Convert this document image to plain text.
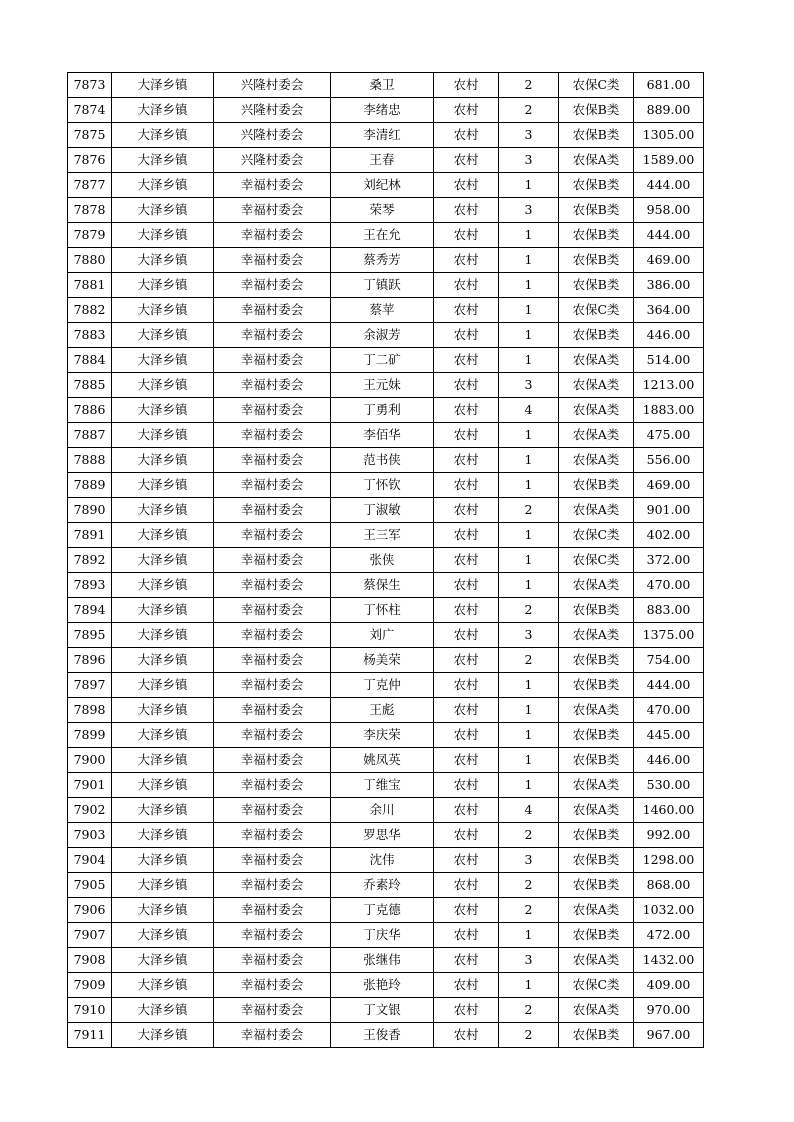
7873	大泽乡镇	兴隆村委会	桑卫	农村	2	农保C类	681.00
7874	大泽乡镇	兴隆村委会	李绪忠	农村	2	农保B类	889.00
7875	大泽乡镇	兴隆村委会	李清红	农村	3	农保B类	1305.00
7876	大泽乡镇	兴隆村委会	王春	农村	3	农保A类	1589.00
7877	大泽乡镇	幸福村委会	刘纪林	农村	1	农保B类	444.00
7878	大泽乡镇	幸福村委会	荣琴	农村	3	农保B类	958.00
7879	大泽乡镇	幸福村委会	王在允	农村	1	农保B类	444.00
7880	大泽乡镇	幸福村委会	蔡秀芳	农村	1	农保B类	469.00
7881	大泽乡镇	幸福村委会	丁镇跃	农村	1	农保B类	386.00
7882	大泽乡镇	幸福村委会	蔡苹	农村	1	农保C类	364.00
7883	大泽乡镇	幸福村委会	余淑芳	农村	1	农保B类	446.00
7884	大泽乡镇	幸福村委会	丁二矿	农村	1	农保A类	514.00
7885	大泽乡镇	幸福村委会	王元妹	农村	3	农保A类	1213.00
7886	大泽乡镇	幸福村委会	丁勇利	农村	4	农保A类	1883.00
7887	大泽乡镇	幸福村委会	李佰华	农村	1	农保A类	475.00
7888	大泽乡镇	幸福村委会	范书侠	农村	1	农保A类	556.00
7889	大泽乡镇	幸福村委会	丁怀钦	农村	1	农保B类	469.00
7890	大泽乡镇	幸福村委会	丁淑敏	农村	2	农保A类	901.00
7891	大泽乡镇	幸福村委会	王三军	农村	1	农保C类	402.00
7892	大泽乡镇	幸福村委会	张侠	农村	1	农保C类	372.00
7893	大泽乡镇	幸福村委会	蔡保生	农村	1	农保A类	470.00
7894	大泽乡镇	幸福村委会	丁怀柱	农村	2	农保B类	883.00
7895	大泽乡镇	幸福村委会	刘广	农村	3	农保A类	1375.00
7896	大泽乡镇	幸福村委会	杨美荣	农村	2	农保B类	754.00
7897	大泽乡镇	幸福村委会	丁克仲	农村	1	农保B类	444.00
7898	大泽乡镇	幸福村委会	王彪	农村	1	农保A类	470.00
7899	大泽乡镇	幸福村委会	李庆荣	农村	1	农保B类	445.00
7900	大泽乡镇	幸福村委会	姚凤英	农村	1	农保B类	446.00
7901	大泽乡镇	幸福村委会	丁维宝	农村	1	农保A类	530.00
7902	大泽乡镇	幸福村委会	余川	农村	4	农保A类	1460.00
7903	大泽乡镇	幸福村委会	罗思华	农村	2	农保B类	992.00
7904	大泽乡镇	幸福村委会	沈伟	农村	3	农保B类	1298.00
7905	大泽乡镇	幸福村委会	乔素玲	农村	2	农保B类	868.00
7906	大泽乡镇	幸福村委会	丁克德	农村	2	农保A类	1032.00
7907	大泽乡镇	幸福村委会	丁庆华	农村	1	农保B类	472.00
7908	大泽乡镇	幸福村委会	张继伟	农村	3	农保A类	1432.00
7909	大泽乡镇	幸福村委会	张艳玲	农村	1	农保C类	409.00
7910	大泽乡镇	幸福村委会	丁文银	农村	2	农保A类	970.00
7911	大泽乡镇	幸福村委会	王俊香	农村	2	农保B类	967.00
